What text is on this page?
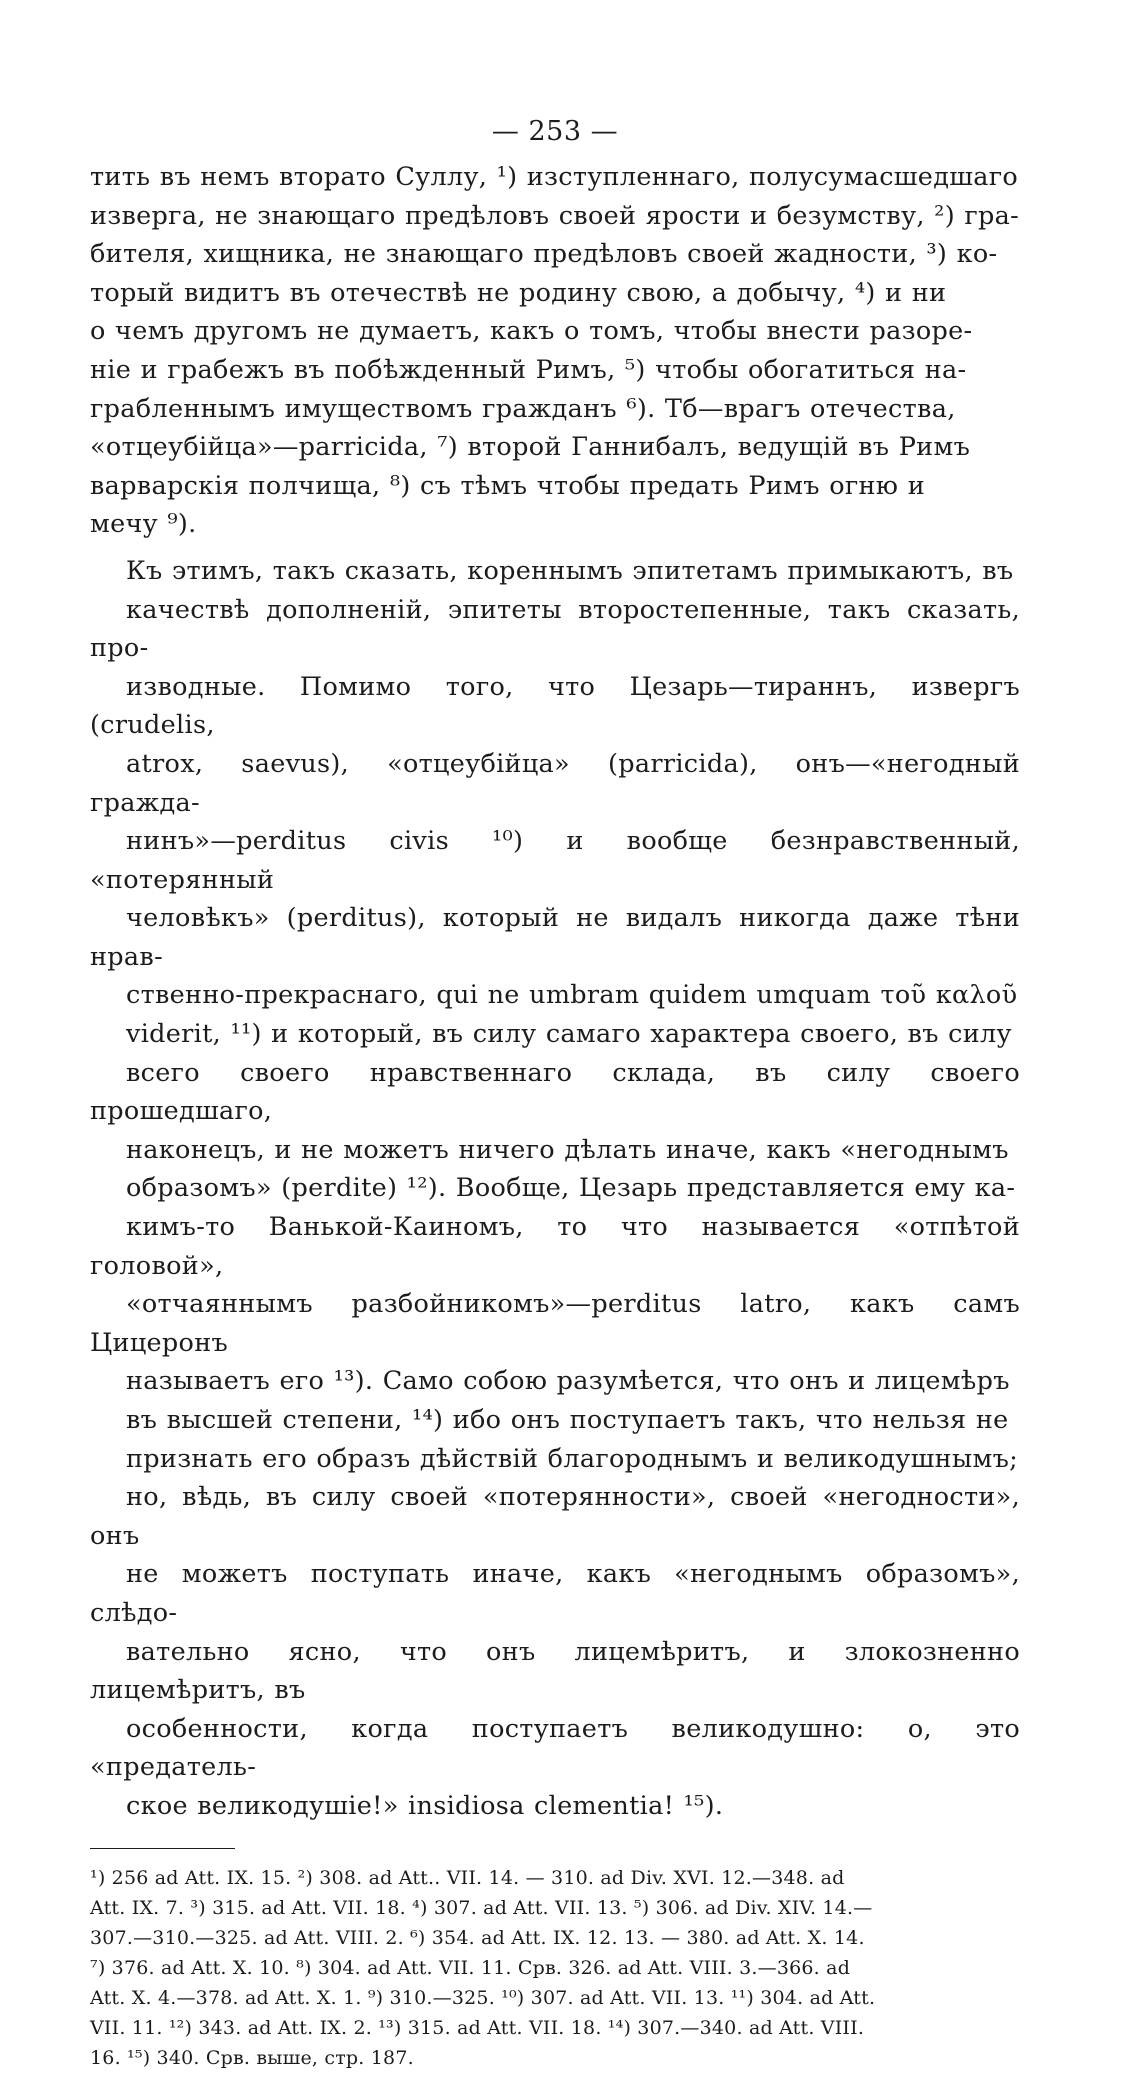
— 253 —

тить въ немъ вторато Суллу, ¹) изступленнаго, полусумасшедшаго
изверга, не знающаго предѣловъ своей ярости и безумству, ²) гра-
бителя, хищника, не знающаго предѣловъ своей жадности, ³) ко-
торый видитъ въ отечествѣ не родину свою, а добычу, ⁴) и ни
о чемъ другомъ не думаетъ, какъ о томъ, чтобы внести разоре-
ніе и грабежъ въ побѣжденный Римъ, ⁵) чтобы обогатиться на-
грабленнымъ имуществомъ гражданъ ⁶). Тб—врагъ отечества,
«отцеубійца»—parricida, ⁷) второй Ганнибалъ, ведущій въ Римъ
варварскія полчища, ⁸) съ тѣмъ чтобы предать Римъ огню и
мечу ⁹).

Къ этимъ, такъ сказать, кореннымъ эпитетамъ примыкаютъ, въ
качествѣ дополненій, эпитеты второстепенные, такъ сказать, про-
изводные. Помимо того, что Цезарь—тираннъ, извергъ (crudelis,
atrox, saevus), «отцеубійца» (parricida), онъ—«негодный гражда-
нинъ»—perditus civis ¹⁰) и вообще безнравственный, «потерянный
человѣкъ» (perditus), который не видалъ никогда даже тѣни нрав-
ственно-прекраснаго, qui ne umbram quidem umquam τοῦ καλοῦ
viderit, ¹¹) и который, въ силу самаго характера своего, въ силу
всего своего нравственнаго склада, въ силу своего прошедшаго,
наконецъ, и не можетъ ничего дѣлать иначе, какъ «негоднымъ
образомъ» (perdite) ¹²). Вообще, Цезарь представляется ему ка-
кимъ-то Ванькой-Каиномъ, то что называется «отпѣтой головой»,
«отчаяннымъ разбойникомъ»—perditus latro, какъ самъ Цицеронъ
называетъ его ¹³). Само собою разумѣется, что онъ и лицемѣръ
въ высшей степени, ¹⁴) ибо онъ поступаетъ такъ, что нельзя не
признать его образъ дѣйствій благороднымъ и великодушнымъ;
но, вѣдь, въ силу своей «потерянности», своей «негодности», онъ
не можетъ поступать иначе, какъ «негоднымъ образомъ», слѣдо-
вательно ясно, что онъ лицемѣритъ, и злокозненно лицемѣритъ, въ
особенности, когда поступаетъ великодушно: о, это «предатель-
ское великодушіе!» insidiosa clementia! ¹⁵).

¹) 256 ad Att. IX. 15. ²) 308. ad Att.. VII. 14. — 310. ad Div. XVI. 12.—348. ad
Att. IX. 7. ³) 315. ad Att. VII. 18. ⁴) 307. ad Att. VII. 13. ⁵) 306. ad Div. XIV. 14.—
307.—310.—325. ad Att. VIII. 2. ⁶) 354. ad Att. IX. 12. 13. — 380. ad Att. X. 14.
⁷) 376. ad Att. X. 10. ⁸) 304. ad Att. VII. 11. Срв. 326. ad Att. VIII. 3.—366. ad
Att. X. 4.—378. ad Att. X. 1. ⁹) 310.—325. ¹⁰) 307. ad Att. VII. 13. ¹¹) 304. ad Att.
VII. 11. ¹²) 343. ad Att. IX. 2. ¹³) 315. ad Att. VII. 18. ¹⁴) 307.—340. ad Att. VIII.
16. ¹⁵) 340. Срв. выше, стр. 187.
